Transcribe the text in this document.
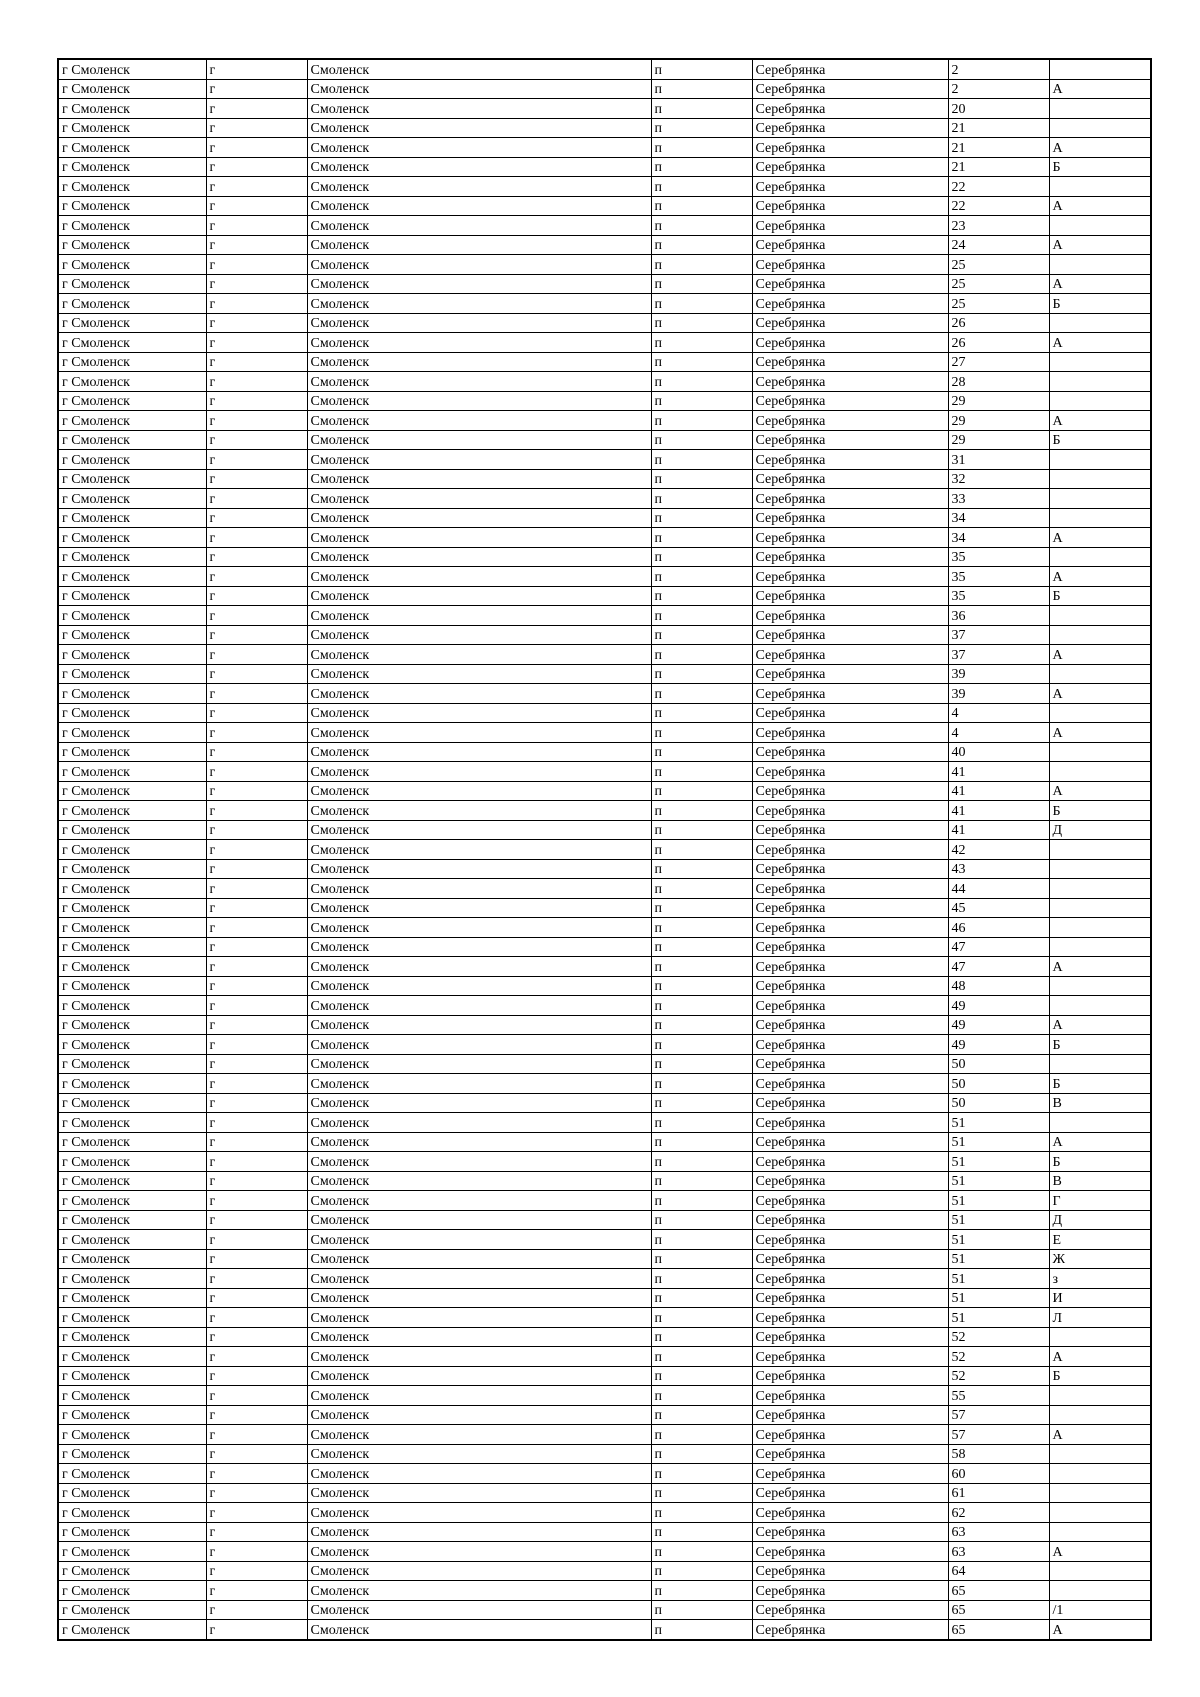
г Смоленск	г	Смоленск	п	Серебрянка	2	
г Смоленск	г	Смоленск	п	Серебрянка	2	А
г Смоленск	г	Смоленск	п	Серебрянка	20	
г Смоленск	г	Смоленск	п	Серебрянка	21	
г Смоленск	г	Смоленск	п	Серебрянка	21	А
г Смоленск	г	Смоленск	п	Серебрянка	21	Б
г Смоленск	г	Смоленск	п	Серебрянка	22	
г Смоленск	г	Смоленск	п	Серебрянка	22	А
г Смоленск	г	Смоленск	п	Серебрянка	23	
г Смоленск	г	Смоленск	п	Серебрянка	24	А
г Смоленск	г	Смоленск	п	Серебрянка	25	
г Смоленск	г	Смоленск	п	Серебрянка	25	А
г Смоленск	г	Смоленск	п	Серебрянка	25	Б
г Смоленск	г	Смоленск	п	Серебрянка	26	
г Смоленск	г	Смоленск	п	Серебрянка	26	А
г Смоленск	г	Смоленск	п	Серебрянка	27	
г Смоленск	г	Смоленск	п	Серебрянка	28	
г Смоленск	г	Смоленск	п	Серебрянка	29	
г Смоленск	г	Смоленск	п	Серебрянка	29	А
г Смоленск	г	Смоленск	п	Серебрянка	29	Б
г Смоленск	г	Смоленск	п	Серебрянка	31	
г Смоленск	г	Смоленск	п	Серебрянка	32	
г Смоленск	г	Смоленск	п	Серебрянка	33	
г Смоленск	г	Смоленск	п	Серебрянка	34	
г Смоленск	г	Смоленск	п	Серебрянка	34	А
г Смоленск	г	Смоленск	п	Серебрянка	35	
г Смоленск	г	Смоленск	п	Серебрянка	35	А
г Смоленск	г	Смоленск	п	Серебрянка	35	Б
г Смоленск	г	Смоленск	п	Серебрянка	36	
г Смоленск	г	Смоленск	п	Серебрянка	37	
г Смоленск	г	Смоленск	п	Серебрянка	37	А
г Смоленск	г	Смоленск	п	Серебрянка	39	
г Смоленск	г	Смоленск	п	Серебрянка	39	А
г Смоленск	г	Смоленск	п	Серебрянка	4	
г Смоленск	г	Смоленск	п	Серебрянка	4	А
г Смоленск	г	Смоленск	п	Серебрянка	40	
г Смоленск	г	Смоленск	п	Серебрянка	41	
г Смоленск	г	Смоленск	п	Серебрянка	41	А
г Смоленск	г	Смоленск	п	Серебрянка	41	Б
г Смоленск	г	Смоленск	п	Серебрянка	41	Д
г Смоленск	г	Смоленск	п	Серебрянка	42	
г Смоленск	г	Смоленск	п	Серебрянка	43	
г Смоленск	г	Смоленск	п	Серебрянка	44	
г Смоленск	г	Смоленск	п	Серебрянка	45	
г Смоленск	г	Смоленск	п	Серебрянка	46	
г Смоленск	г	Смоленск	п	Серебрянка	47	
г Смоленск	г	Смоленск	п	Серебрянка	47	А
г Смоленск	г	Смоленск	п	Серебрянка	48	
г Смоленск	г	Смоленск	п	Серебрянка	49	
г Смоленск	г	Смоленск	п	Серебрянка	49	А
г Смоленск	г	Смоленск	п	Серебрянка	49	Б
г Смоленск	г	Смоленск	п	Серебрянка	50	
г Смоленск	г	Смоленск	п	Серебрянка	50	Б
г Смоленск	г	Смоленск	п	Серебрянка	50	В
г Смоленск	г	Смоленск	п	Серебрянка	51	
г Смоленск	г	Смоленск	п	Серебрянка	51	А
г Смоленск	г	Смоленск	п	Серебрянка	51	Б
г Смоленск	г	Смоленск	п	Серебрянка	51	В
г Смоленск	г	Смоленск	п	Серебрянка	51	Г
г Смоленск	г	Смоленск	п	Серебрянка	51	Д
г Смоленск	г	Смоленск	п	Серебрянка	51	Е
г Смоленск	г	Смоленск	п	Серебрянка	51	Ж
г Смоленск	г	Смоленск	п	Серебрянка	51	з
г Смоленск	г	Смоленск	п	Серебрянка	51	И
г Смоленск	г	Смоленск	п	Серебрянка	51	Л
г Смоленск	г	Смоленск	п	Серебрянка	52	
г Смоленск	г	Смоленск	п	Серебрянка	52	А
г Смоленск	г	Смоленск	п	Серебрянка	52	Б
г Смоленск	г	Смоленск	п	Серебрянка	55	
г Смоленск	г	Смоленск	п	Серебрянка	57	
г Смоленск	г	Смоленск	п	Серебрянка	57	А
г Смоленск	г	Смоленск	п	Серебрянка	58	
г Смоленск	г	Смоленск	п	Серебрянка	60	
г Смоленск	г	Смоленск	п	Серебрянка	61	
г Смоленск	г	Смоленск	п	Серебрянка	62	
г Смоленск	г	Смоленск	п	Серебрянка	63	
г Смоленск	г	Смоленск	п	Серебрянка	63	А
г Смоленск	г	Смоленск	п	Серебрянка	64	
г Смоленск	г	Смоленск	п	Серебрянка	65	
г Смоленск	г	Смоленск	п	Серебрянка	65	/1
г Смоленск	г	Смоленск	п	Серебрянка	65	А
